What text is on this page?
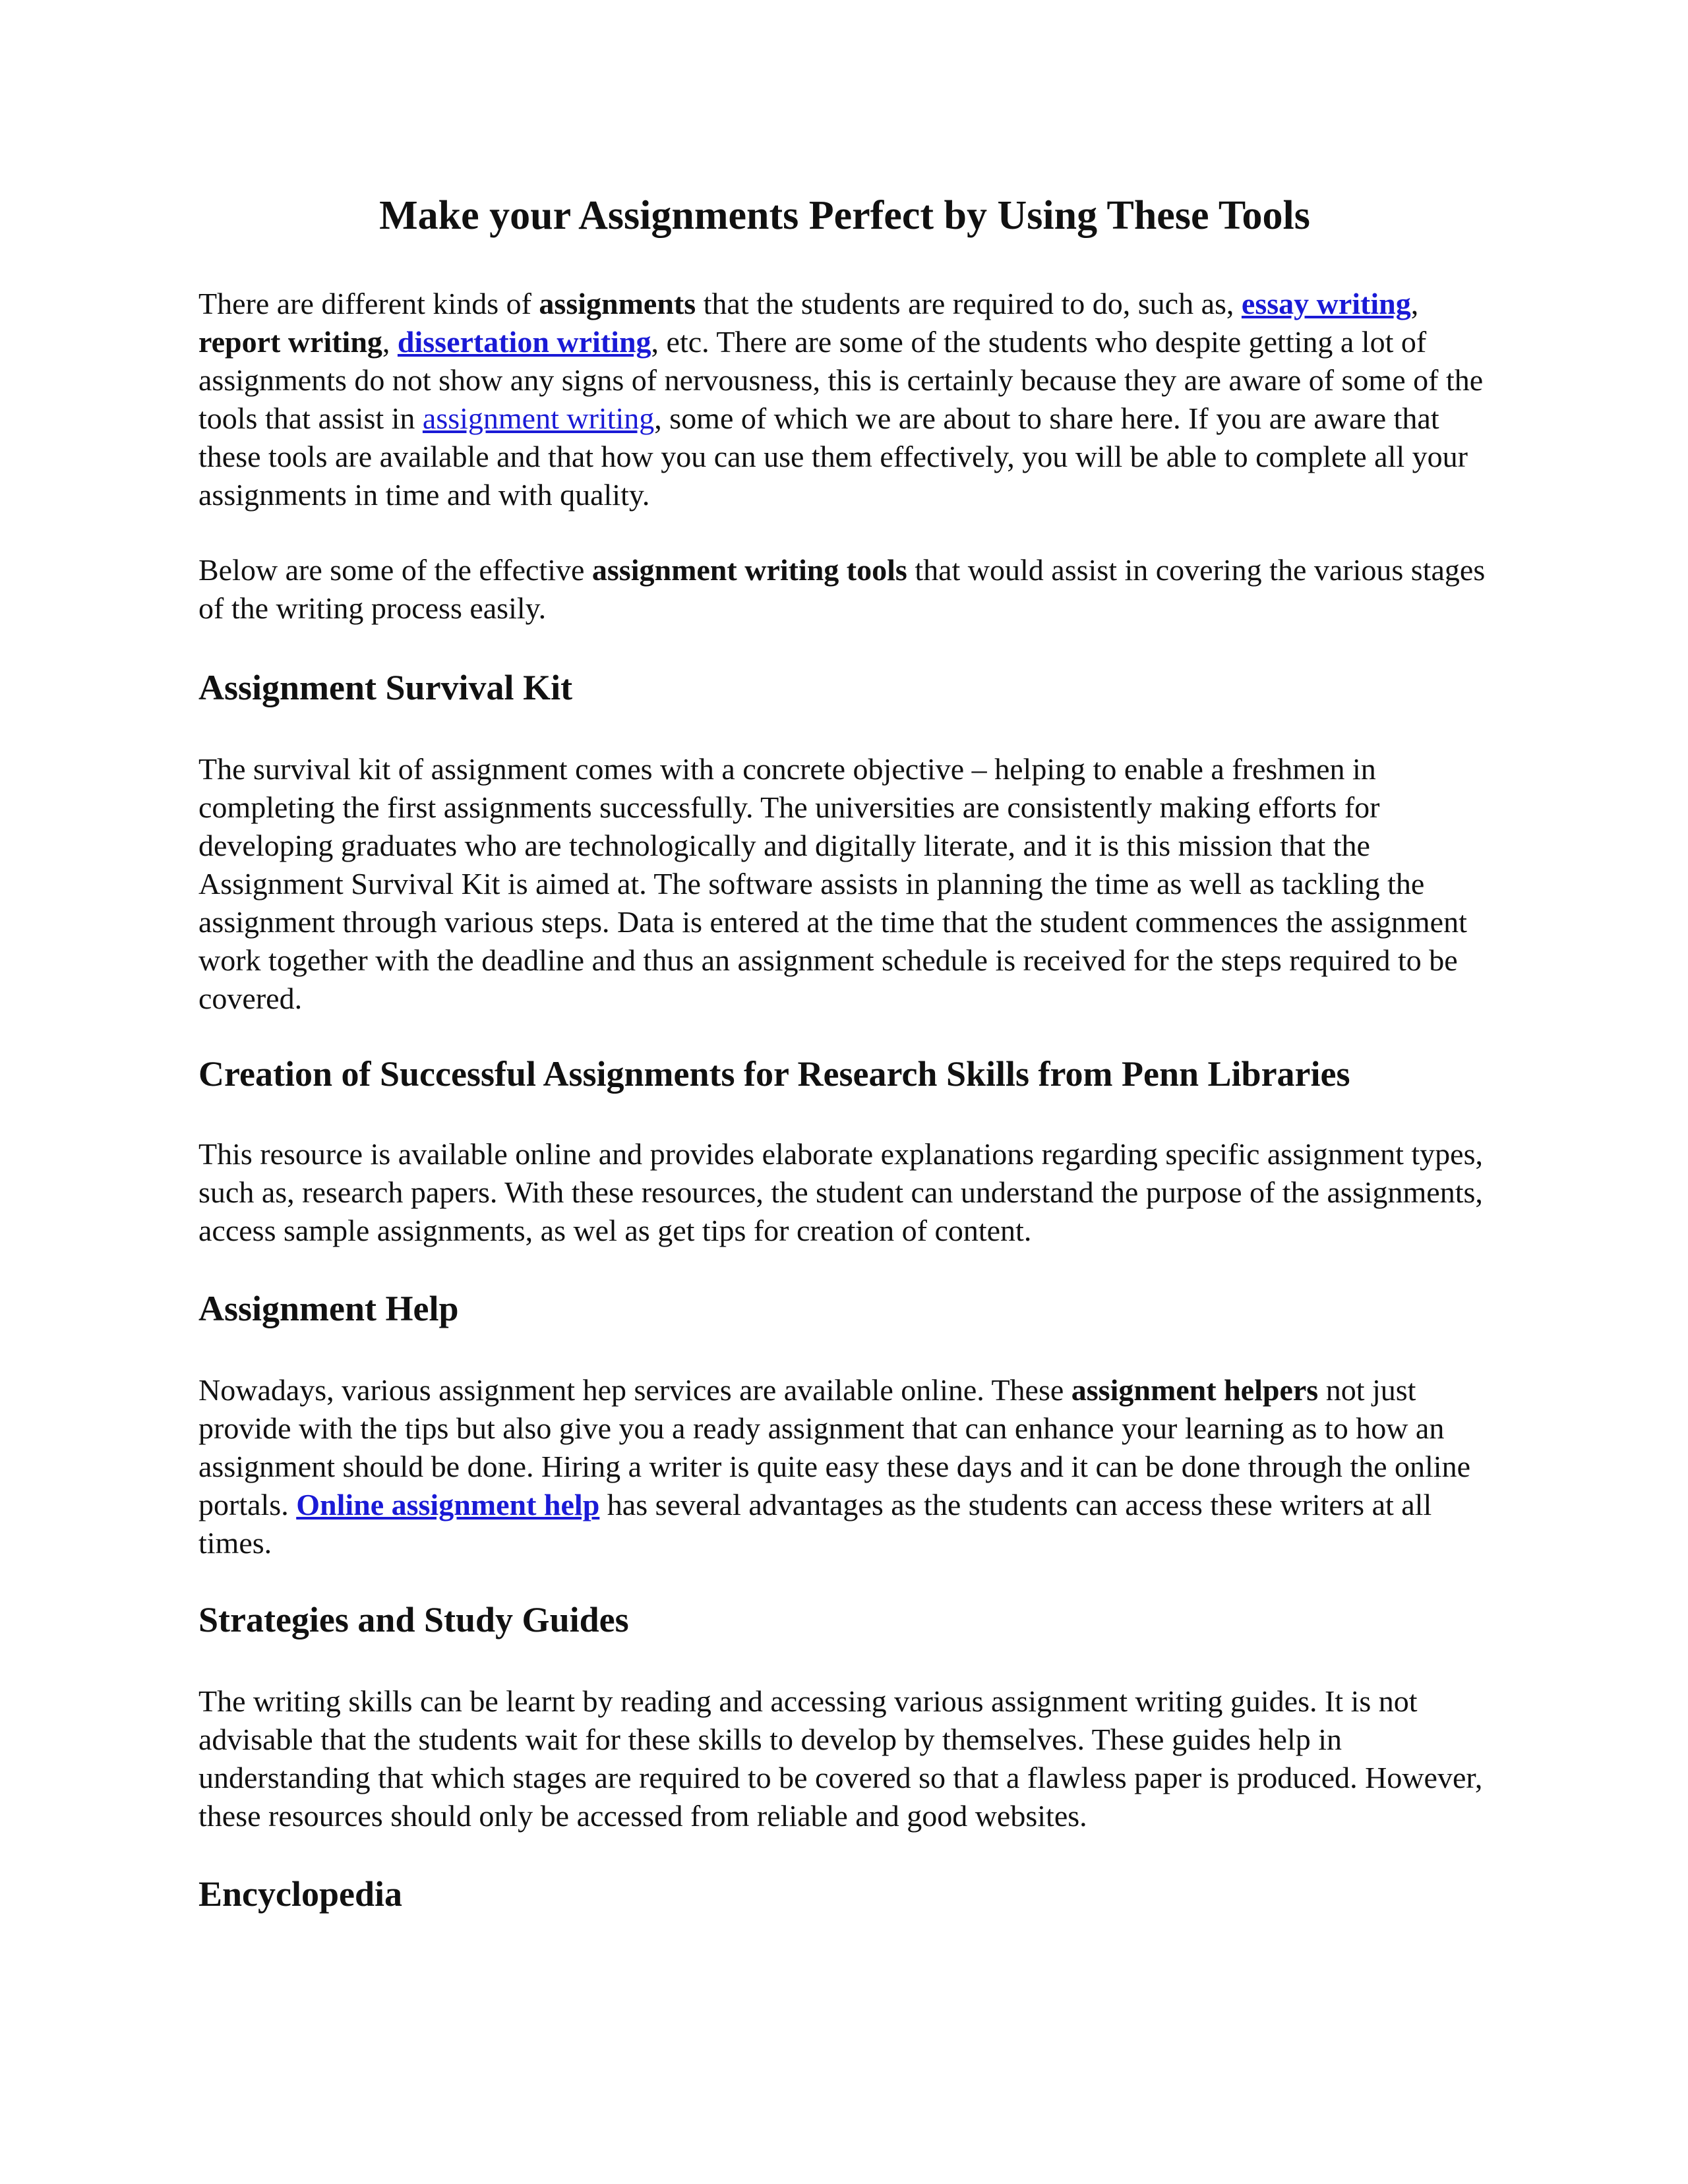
Make your Assignments Perfect by Using These Tools

There are different kinds of assignments that the students are required to do, such as, essay writing, report writing, dissertation writing, etc. There are some of the students who despite getting a lot of assignments do not show any signs of nervousness, this is certainly because they are aware of some of the tools that assist in assignment writing, some of which we are about to share here. If you are aware that these tools are available and that how you can use them effectively, you will be able to complete all your assignments in time and with quality.

Below are some of the effective assignment writing tools that would assist in covering the various stages of the writing process easily.

Assignment Survival Kit

The survival kit of assignment comes with a concrete objective – helping to enable a freshmen in completing the first assignments successfully. The universities are consistently making efforts for developing graduates who are technologically and digitally literate, and it is this mission that the Assignment Survival Kit is aimed at. The software assists in planning the time as well as tackling the assignment through various steps. Data is entered at the time that the student commences the assignment work together with the deadline and thus an assignment schedule is received for the steps required to be covered.

Creation of Successful Assignments for Research Skills from Penn Libraries

This resource is available online and provides elaborate explanations regarding specific assignment types, such as, research papers. With these resources, the student can understand the purpose of the assignments, access sample assignments, as wel as get tips for creation of content.

Assignment Help

Nowadays, various assignment hep services are available online. These assignment helpers not just provide with the tips but also give you a ready assignment that can enhance your learning as to how an assignment should be done. Hiring a writer is quite easy these days and it can be done through the online portals. Online assignment help has several advantages as the students can access these writers at all times.

Strategies and Study Guides

The writing skills can be learnt by reading and accessing various assignment writing guides. It is not advisable that the students wait for these skills to develop by themselves. These guides help in understanding that which stages are required to be covered so that a flawless paper is produced. However, these resources should only be accessed from reliable and good websites.

Encyclopedia
